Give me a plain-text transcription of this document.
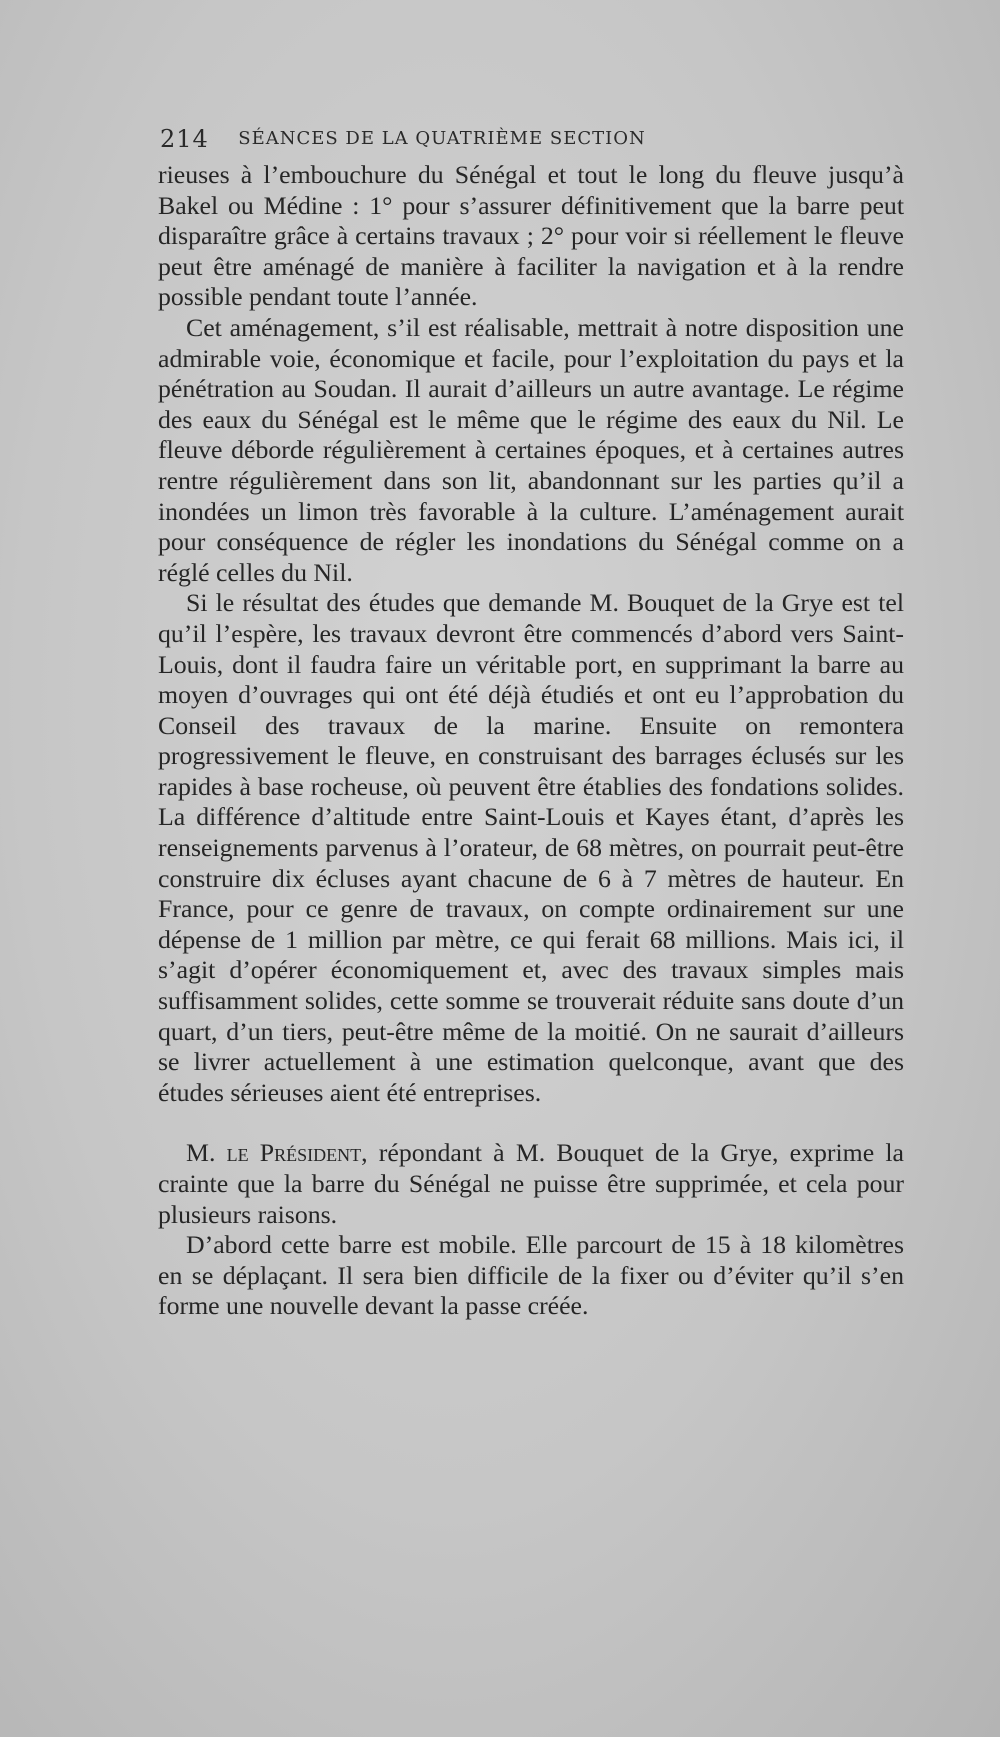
214	SÉANCES DE LA QUATRIÈME SECTION

rieuses à l’embouchure du Sénégal et tout le long du fleuve jusqu’à Bakel ou Médine : 1° pour s’assurer définitivement que la barre peut disparaître grâce à certains travaux ; 2° pour voir si réellement le fleuve peut être aménagé de manière à faciliter la navigation et à la rendre possible pendant toute l’année.

Cet aménagement, s’il est réalisable, mettrait à notre disposition une admirable voie, économique et facile, pour l’exploitation du pays et la pénétration au Soudan. Il aurait d’ailleurs un autre avantage. Le régime des eaux du Sénégal est le même que le régime des eaux du Nil. Le fleuve déborde régulièrement à certaines époques, et à certaines autres rentre régulièrement dans son lit, abandonnant sur les parties qu’il a inondées un limon très favorable à la culture. L’aménagement aurait pour conséquence de régler les inondations du Sénégal comme on a réglé celles du Nil.

Si le résultat des études que demande M. Bouquet de la Grye est tel qu’il l’espère, les travaux devront être commencés d’abord vers Saint-Louis, dont il faudra faire un véritable port, en supprimant la barre au moyen d’ouvrages qui ont été déjà étudiés et ont eu l’approbation du Conseil des travaux de la marine. Ensuite on remontera progressivement le fleuve, en construisant des barrages éclusés sur les rapides à base rocheuse, où peuvent être établies des fondations solides. La différence d’altitude entre Saint-Louis et Kayes étant, d’après les renseignements parvenus à l’orateur, de 68 mètres, on pourrait peut-être construire dix écluses ayant chacune de 6 à 7 mètres de hauteur. En France, pour ce genre de travaux, on compte ordinairement sur une dépense de 1 million par mètre, ce qui ferait 68 millions. Mais ici, il s’agit d’opérer économiquement et, avec des travaux simples mais suffisamment solides, cette somme se trouverait réduite sans doute d’un quart, d’un tiers, peut-être même de la moitié. On ne saurait d’ailleurs se livrer actuellement à une estimation quelconque, avant que des études sérieuses aient été entreprises.

M. le Président, répondant à M. Bouquet de la Grye, exprime la crainte que la barre du Sénégal ne puisse être supprimée, et cela pour plusieurs raisons.

D’abord cette barre est mobile. Elle parcourt de 15 à 18 kilomètres en se déplaçant. Il sera bien difficile de la fixer ou d’éviter qu’il s’en forme une nouvelle devant la passe créée.
